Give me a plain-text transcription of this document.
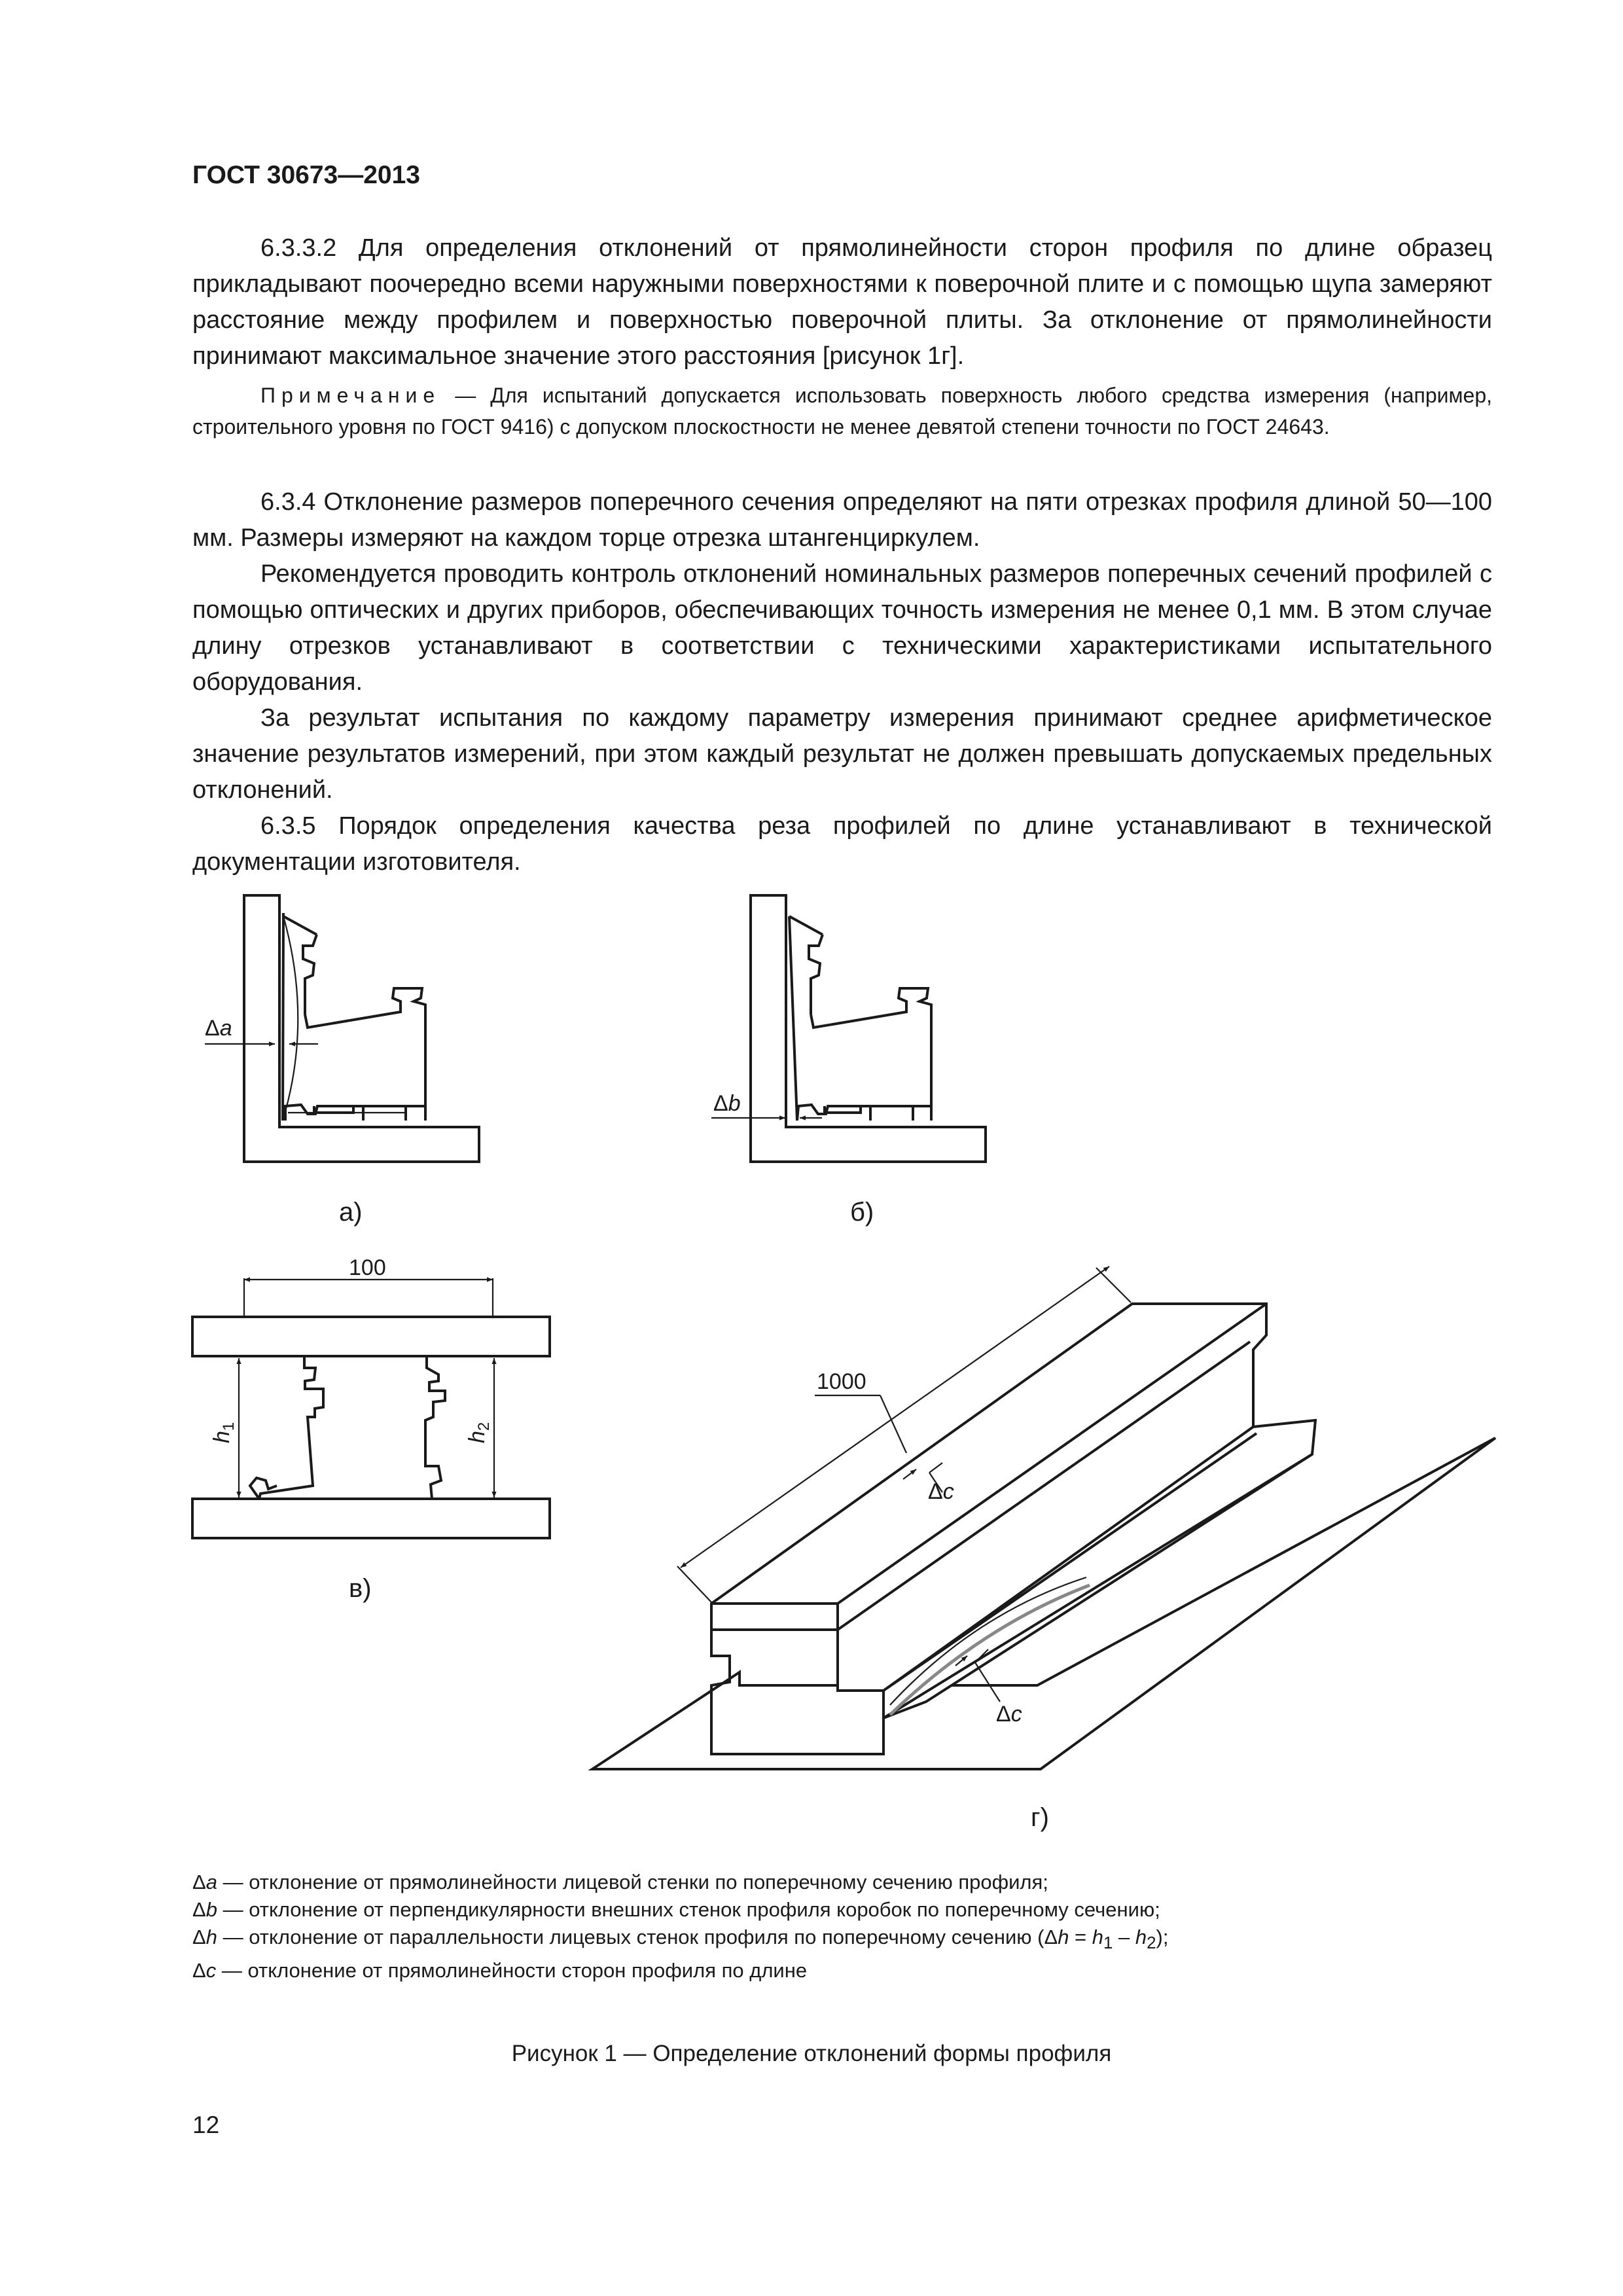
ГОСТ 30673—2013

6.3.3.2 Для определения отклонений от прямолинейности сторон профиля по длине образец прикладывают поочередно всеми наружными поверхностями к поверочной плите и с помощью щупа замеряют расстояние между профилем и поверхностью поверочной плиты. За отклонение от прямолинейности принимают максимальное значение этого расстояния [рисунок 1г].

Примечание — Для испытаний допускается использовать поверхность любого средства измерения (например, строительного уровня по ГОСТ 9416) с допуском плоскостности не менее девятой степени точности по ГОСТ 24643.

6.3.4 Отклонение размеров поперечного сечения определяют на пяти отрезках профиля длиной 50—100 мм. Размеры измеряют на каждом торце отрезка штангенциркулем.

Рекомендуется проводить контроль отклонений номинальных размеров поперечных сечений профилей с помощью оптических и других приборов, обеспечивающих точность измерения не менее 0,1 мм. В этом случае длину отрезков устанавливают в соответствии с техническими характеристиками испытательного оборудования.

За результат испытания по каждому параметру измерения принимают среднее арифметическое значение результатов измерений, при этом каждый результат не должен превышать допускаемых предельных отклонений.

6.3.5 Порядок определения качества реза профилей по длине устанавливают в технической документации изготовителя.

Δa
а)
Δb
б)
100
$h_1$
$h_2$
в)
1000
Δc
Δc
г)
Δa — отклонение от прямолинейности лицевой стенки по поперечному сечению профиля;
Δb — отклонение от перпендикулярности внешних стенок профиля коробок по поперечному сечению;
Δh — отклонение от параллельности лицевых стенок профиля по поперечному сечению $(\Delta h = h_1 - h_2)$;
Δc — отклонение от прямолинейности сторон профиля по длине
Рисунок 1 — Определение отклонений формы профиля
12
